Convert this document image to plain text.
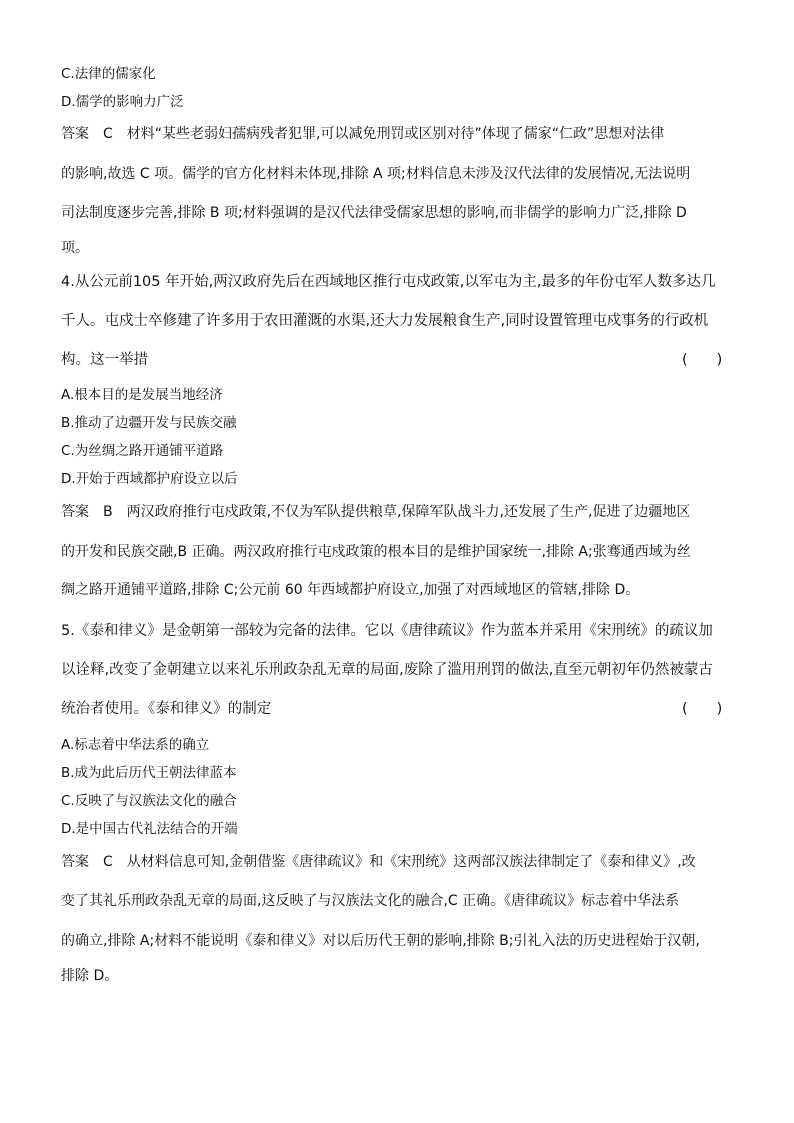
C.法律的儒家化
D.儒学的影响力广泛
答案　C　材料“某些老弱妇孺病残者犯罪,可以减免刑罚或区别对待”体现了儒家“仁政”思想对法律
的影响,故选 C 项。儒学的官方化材料未体现,排除 A 项;材料信息未涉及汉代法律的发展情况,无法说明
司法制度逐步完善,排除 B 项;材料强调的是汉代法律受儒家思想的影响,而非儒学的影响力广泛,排除 D
项。
4.从公元前105 年开始,两汉政府先后在西域地区推行屯戍政策,以军屯为主,最多的年份屯军人数多达几
千人。屯戍士卒修建了许多用于农田灌溉的水渠,还大力发展粮食生产,同时设置管理屯戍事务的行政机
构。这一举措	(　　)
A.根本目的是发展当地经济
B.推动了边疆开发与民族交融
C.为丝绸之路开通铺平道路
D.开始于西域都护府设立以后
答案　B　两汉政府推行屯戍政策,不仅为军队提供粮草,保障军队战斗力,还发展了生产,促进了边疆地区
的开发和民族交融,B 正确。两汉政府推行屯戍政策的根本目的是维护国家统一,排除 A;张骞通西域为丝
绸之路开通铺平道路,排除 C;公元前 60 年西域都护府设立,加强了对西域地区的管辖,排除 D。
5.《泰和律义》是金朝第一部较为完备的法律。它以《唐律疏议》作为蓝本并采用《宋刑统》的疏议加
以诠释,改变了金朝建立以来礼乐刑政杂乱无章的局面,废除了滥用刑罚的做法,直至元朝初年仍然被蒙古
统治者使用。《泰和律义》的制定	(　　)
A.标志着中华法系的确立
B.成为此后历代王朝法律蓝本
C.反映了与汉族法文化的融合
D.是中国古代礼法结合的开端
答案　C　从材料信息可知,金朝借鉴《唐律疏议》和《宋刑统》这两部汉族法律制定了《泰和律义》,改
变了其礼乐刑政杂乱无章的局面,这反映了与汉族法文化的融合,C 正确。《唐律疏议》标志着中华法系
的确立,排除 A;材料不能说明《泰和律义》对以后历代王朝的影响,排除 B;引礼入法的历史进程始于汉朝,
排除 D。
